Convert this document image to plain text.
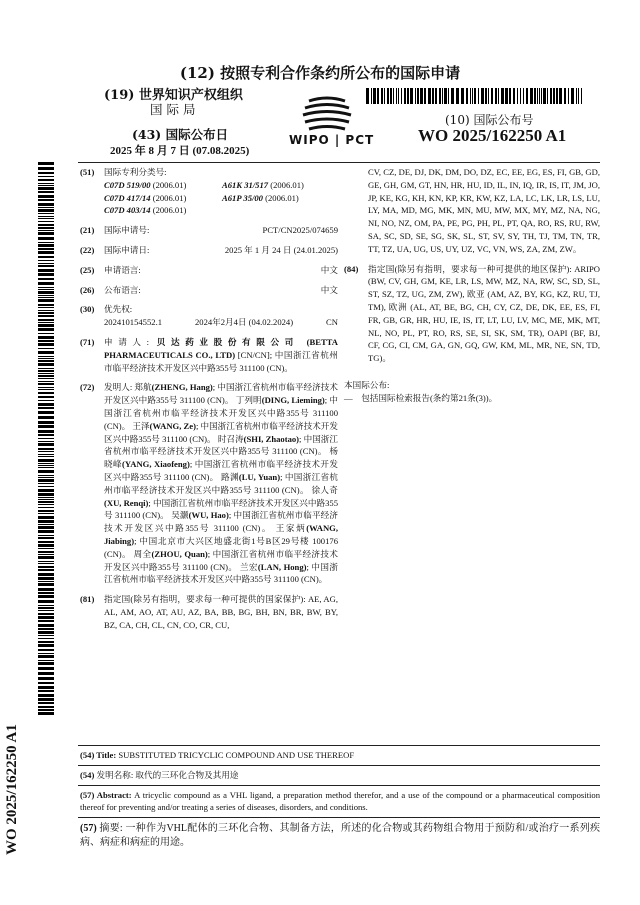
(12) 按照专利合作条约所公布的国际申请
(19) 世界知识产权组织
国际局
(43) 国际公布日
2025 年 8 月 7 日 (07.08.2025)
WIPO | PCT
(10) 国际公布号
WO 2025/162250 A1
WO 2025/162250 A1
(51) 国际专利分类号:
C07D 519/00 (2006.01)	A61K 31/517 (2006.01)
C07D 417/14 (2006.01)	A61P 35/00 (2006.01)
C07D 403/14 (2006.01)
(21) 国际申请号:	PCT/CN2025/074659
(22) 国际申请日:	2025 年 1 月 24 日 (24.01.2025)
(25) 申请语言:	中文
(26) 公布语言:	中文
(30) 优先权:
202410154552.1	2024年2月4日 (04.02.2024)	CN
(71) 申请人: 贝达药业股份有限公司 (BETTA PHARMACEUTICALS CO., LTD) [CN/CN]; 中国浙江省杭州市临平经济技术开发区兴中路355号 311100 (CN)。
(72) 发明人: 郑航(ZHENG, Hang); 中国浙江省杭州市临平经济技术开发区兴中路355号 311100 (CN)。 丁列明(DING, Lieming); 中国浙江省杭州市临平经济技术开发区兴中路355号 311100 (CN)。 王泽(WANG, Ze); 中国浙江省杭州市临平经济技术开发区兴中路355号 311100 (CN)。 时召涛(SHI, Zhaotao); 中国浙江省杭州市临平经济技术开发区兴中路355号 311100 (CN)。 杨晓峰(YANG, Xiaofeng); 中国浙江省杭州市临平经济技术开发区兴中路355号 311100 (CN)。 路渊(LU, Yuan); 中国浙江省杭州市临平经济技术开发区兴中路355号 311100 (CN)。 徐人奇(XU, Renqi); 中国浙江省杭州市临平经济技术开发区兴中路355号 311100 (CN)。 吴灏(WU, Hao); 中国浙江省杭州市临平经济技术开发区兴中路355号 311100 (CN)。 王家炳(WANG, Jiabing); 中国北京市大兴区地盛北街1号B区29号楼 100176 (CN)。 周全(ZHOU, Quan); 中国浙江省杭州市临平经济技术开发区兴中路355号 311100 (CN)。 兰宏(LAN, Hong); 中国浙江省杭州市临平经济技术开发区兴中路355号 311100 (CN)。
(81) 指定国(除另有指明，要求每一种可提供的国家保护): AE, AG, AL, AM, AO, AT, AU, AZ, BA, BB, BG, BH, BN, BR, BW, BY, BZ, CA, CH, CL, CN, CO, CR, CU,
CV, CZ, DE, DJ, DK, DM, DO, DZ, EC, EE, EG, ES, FI, GB, GD, GE, GH, GM, GT, HN, HR, HU, ID, IL, IN, IQ, IR, IS, IT, JM, JO, JP, KE, KG, KH, KN, KP, KR, KW, KZ, LA, LC, LK, LR, LS, LU, LY, MA, MD, MG, MK, MN, MU, MW, MX, MY, MZ, NA, NG, NI, NO, NZ, OM, PA, PE, PG, PH, PL, PT, QA, RO, RS, RU, RW, SA, SC, SD, SE, SG, SK, SL, ST, SV, SY, TH, TJ, TM, TN, TR, TT, TZ, UA, UG, US, UY, UZ, VC, VN, WS, ZA, ZM, ZW。
(84) 指定国(除另有指明，要求每一种可提供的地区保护): ARIPO (BW, CV, GH, GM, KE, LR, LS, MW, MZ, NA, RW, SC, SD, SL, ST, SZ, TZ, UG, ZM, ZW), 欧亚 (AM, AZ, BY, KG, KZ, RU, TJ, TM), 欧洲 (AL, AT, BE, BG, CH, CY, CZ, DE, DK, EE, ES, FI, FR, GB, GR, HR, HU, IE, IS, IT, LT, LU, LV, MC, ME, MK, MT, NL, NO, PL, PT, RO, RS, SE, SI, SK, SM, TR), OAPI (BF, BJ, CF, CG, CI, CM, GA, GN, GQ, GW, KM, ML, MR, NE, SN, TD, TG)。
本国际公布:
—　包括国际检索报告(条约第21条(3))。
(54) Title: SUBSTITUTED TRICYCLIC COMPOUND AND USE THEREOF
(54) 发明名称: 取代的三环化合物及其用途
(57) Abstract: A tricyclic compound as a VHL ligand, a preparation method therefor, and a use of the compound or a pharmaceutical composition thereof for preventing and/or treating a series of diseases, disorders, and conditions.
(57) 摘要: 一种作为VHL配体的三环化合物、其制备方法，所述的化合物或其药物组合物用于预防和/或治疗一系列疾病、病症和病症的用途。
